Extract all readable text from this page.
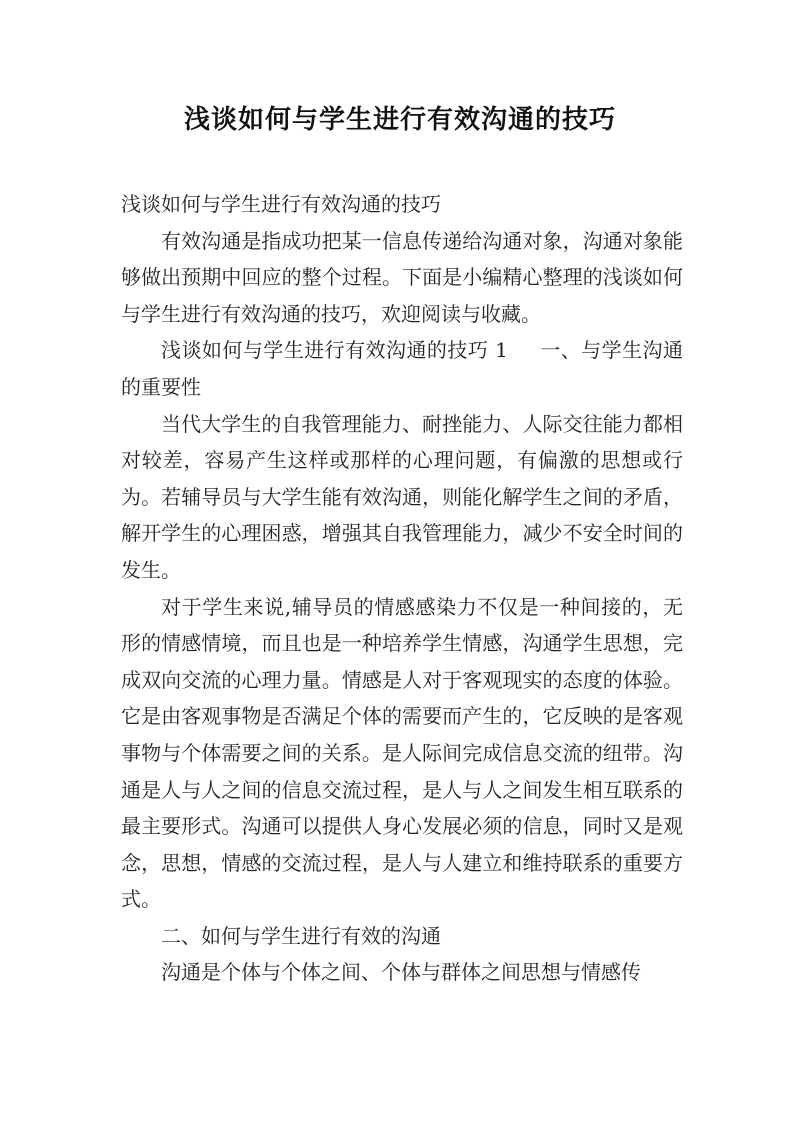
浅谈如何与学生进行有效沟通的技巧

浅谈如何与学生进行有效沟通的技巧

有效沟通是指成功把某一信息传递给沟通对象，沟通对象能够做出预期中回应的整个过程。下面是小编精心整理的浅谈如何与学生进行有效沟通的技巧，欢迎阅读与收藏。

浅谈如何与学生进行有效沟通的技巧 1 一、与学生沟通的重要性

当代大学生的自我管理能力、耐挫能力、人际交往能力都相对较差，容易产生这样或那样的心理问题，有偏激的思想或行为。若辅导员与大学生能有效沟通，则能化解学生之间的矛盾，解开学生的心理困惑，增强其自我管理能力，减少不安全时间的发生。

对于学生来说,辅导员的情感感染力不仅是一种间接的，无形的情感情境，而且也是一种培养学生情感，沟通学生思想，完成双向交流的心理力量。情感是人对于客观现实的态度的体验。它是由客观事物是否满足个体的需要而产生的，它反映的是客观事物与个体需要之间的关系。是人际间完成信息交流的纽带。沟通是人与人之间的信息交流过程，是人与人之间发生相互联系的最主要形式。沟通可以提供人身心发展必须的信息，同时又是观念，思想，情感的交流过程，是人与人建立和维持联系的重要方式。

二、如何与学生进行有效的沟通

沟通是个体与个体之间、个体与群体之间思想与情感传
